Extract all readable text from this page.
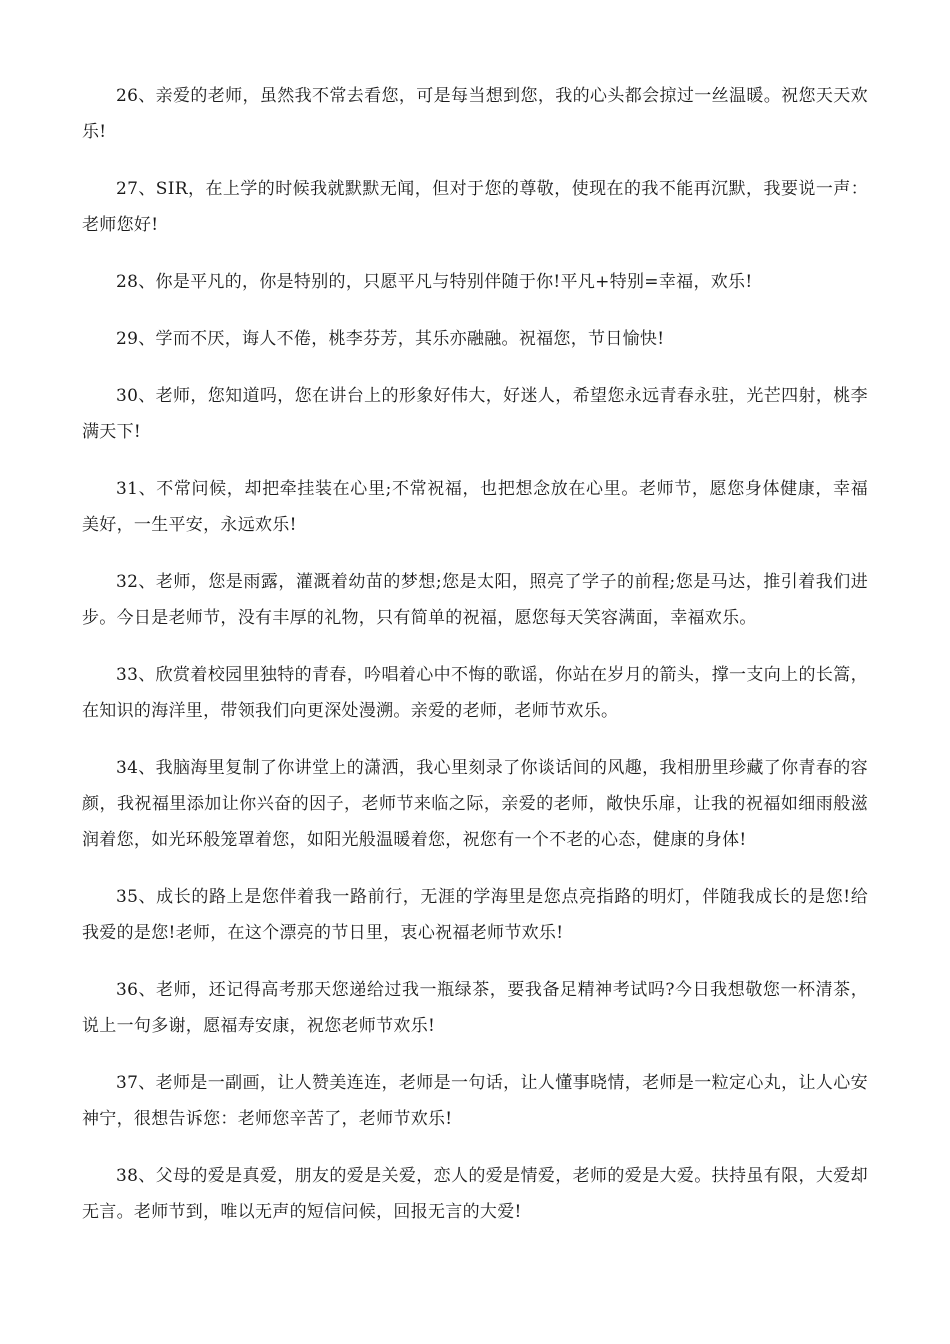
26、亲爱的老师，虽然我不常去看您，可是每当想到您，我的心头都会掠过一丝温暖。祝您天天欢乐!

27、SIR，在上学的时候我就默默无闻，但对于您的尊敬，使现在的我不能再沉默，我要说一声：老师您好!

28、你是平凡的，你是特别的，只愿平凡与特别伴随于你!平凡+特别=幸福，欢乐!

29、学而不厌，诲人不倦，桃李芬芳，其乐亦融融。祝福您，节日愉快!

30、老师，您知道吗，您在讲台上的形象好伟大，好迷人，希望您永远青春永驻，光芒四射，桃李满天下!

31、不常问候，却把牵挂装在心里;不常祝福，也把想念放在心里。老师节，愿您身体健康，幸福美好，一生平安，永远欢乐!

32、老师，您是雨露，灌溉着幼苗的梦想;您是太阳，照亮了学子的前程;您是马达，推引着我们进步。今日是老师节，没有丰厚的礼物，只有简单的祝福，愿您每天笑容满面，幸福欢乐。

33、欣赏着校园里独特的青春，吟唱着心中不悔的歌谣，你站在岁月的箭头，撑一支向上的长篙，在知识的海洋里，带领我们向更深处漫溯。亲爱的老师，老师节欢乐。

34、我脑海里复制了你讲堂上的潇洒，我心里刻录了你谈话间的风趣，我相册里珍藏了你青春的容颜，我祝福里添加让你兴奋的因子，老师节来临之际，亲爱的老师，敞快乐扉，让我的祝福如细雨般滋润着您，如光环般笼罩着您，如阳光般温暖着您，祝您有一个不老的心态，健康的身体!

35、成长的路上是您伴着我一路前行，无涯的学海里是您点亮指路的明灯，伴随我成长的是您!给我爱的是您!老师，在这个漂亮的节日里，衷心祝福老师节欢乐!

36、老师，还记得高考那天您递给过我一瓶绿茶，要我备足精神考试吗?今日我想敬您一杯清茶，说上一句多谢，愿福寿安康，祝您老师节欢乐!

37、老师是一副画，让人赞美连连，老师是一句话，让人懂事晓情，老师是一粒定心丸，让人心安神宁，很想告诉您：老师您辛苦了，老师节欢乐!

38、父母的爱是真爱，朋友的爱是关爱，恋人的爱是情爱，老师的爱是大爱。扶持虽有限，大爱却无言。老师节到，唯以无声的短信问候，回报无言的大爱!
